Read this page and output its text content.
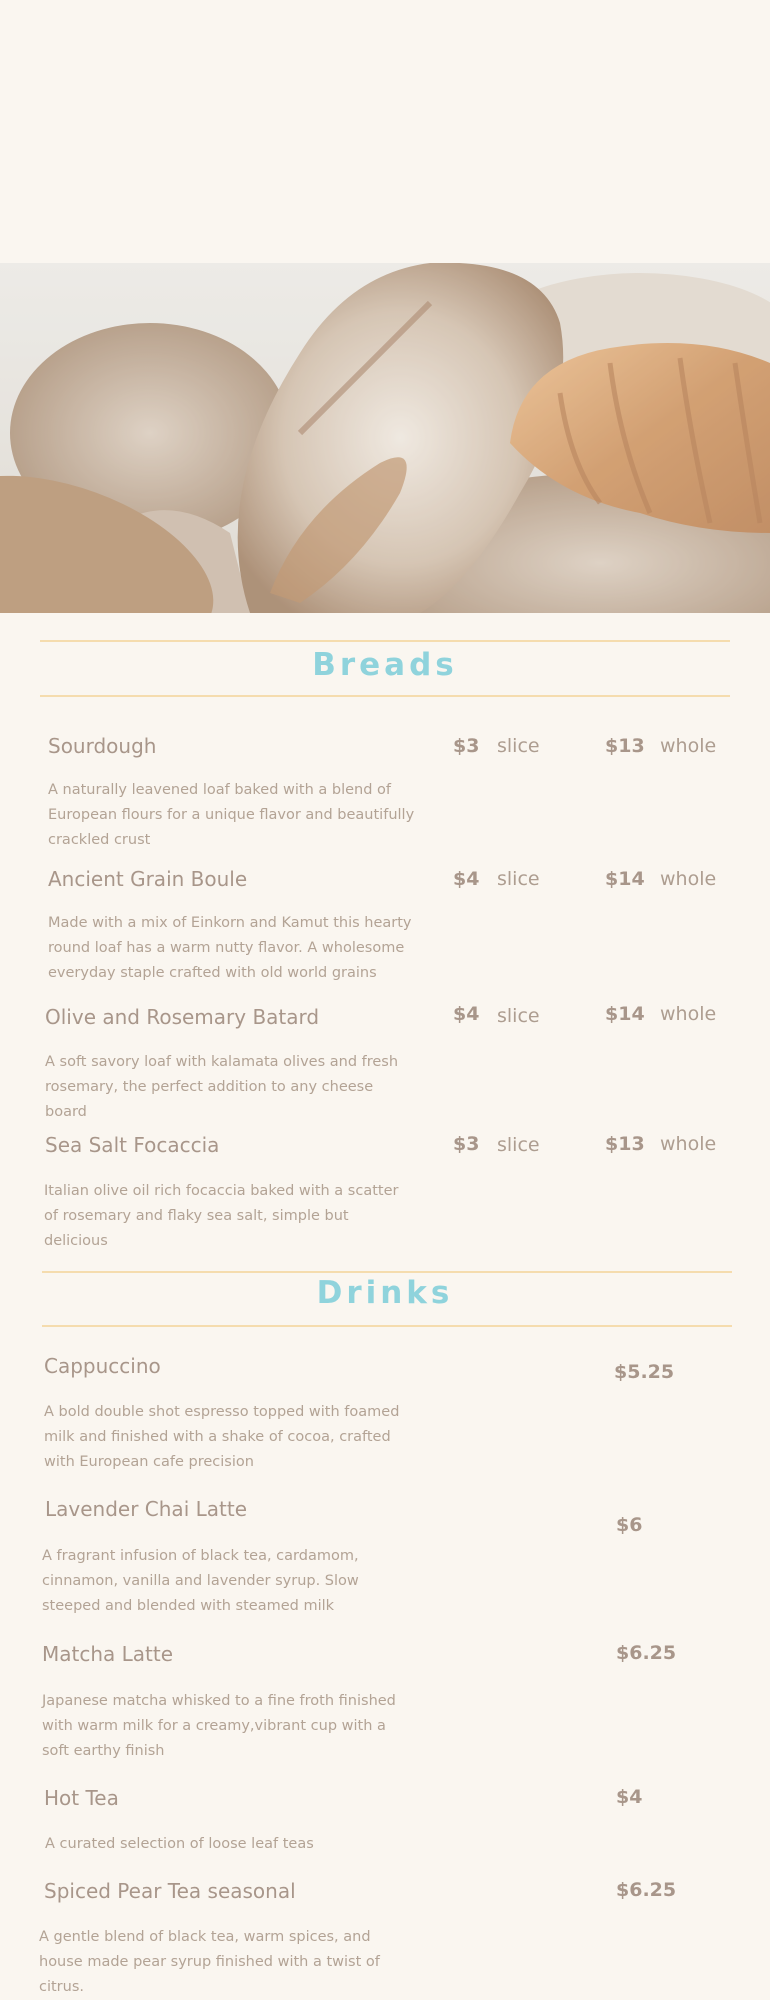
Breads
Sourdough	$3 slice	$13 whole
A naturally leavened loaf baked with a blend of European flours for a unique flavor and beautifully crackled crust
Ancient Grain Boule	$4 slice	$14 whole
Made with a mix of Einkorn and Kamut this hearty round loaf has a warm nutty flavor. A wholesome everyday staple crafted with old world grains
Olive and Rosemary Batard	$4 slice	$14 whole
A soft savory loaf with kalamata olives and fresh rosemary, the perfect addition to any cheese board
Sea Salt Focaccia	$3 slice	$13 whole
Italian olive oil rich focaccia baked with a scatter of rosemary and flaky sea salt, simple but delicious
Drinks
Cappuccino	$5.25
A bold double shot espresso topped with foamed milk and finished with a shake of cocoa, crafted with European cafe precision
Lavender Chai Latte
$6
A fragrant infusion of black tea, cardamom, cinnamon, vanilla and lavender syrup. Slow steeped and blended with steamed milk
Matcha Latte	$6.25
Japanese matcha whisked to a fine froth finished with warm milk for a creamy,vibrant cup with a soft earthy finish
Hot Tea	$4
A curated selection of loose leaf teas
Spiced Pear Tea seasonal	$6.25
A gentle blend of black tea, warm spices, and house made pear syrup finished with a twist of citrus.
